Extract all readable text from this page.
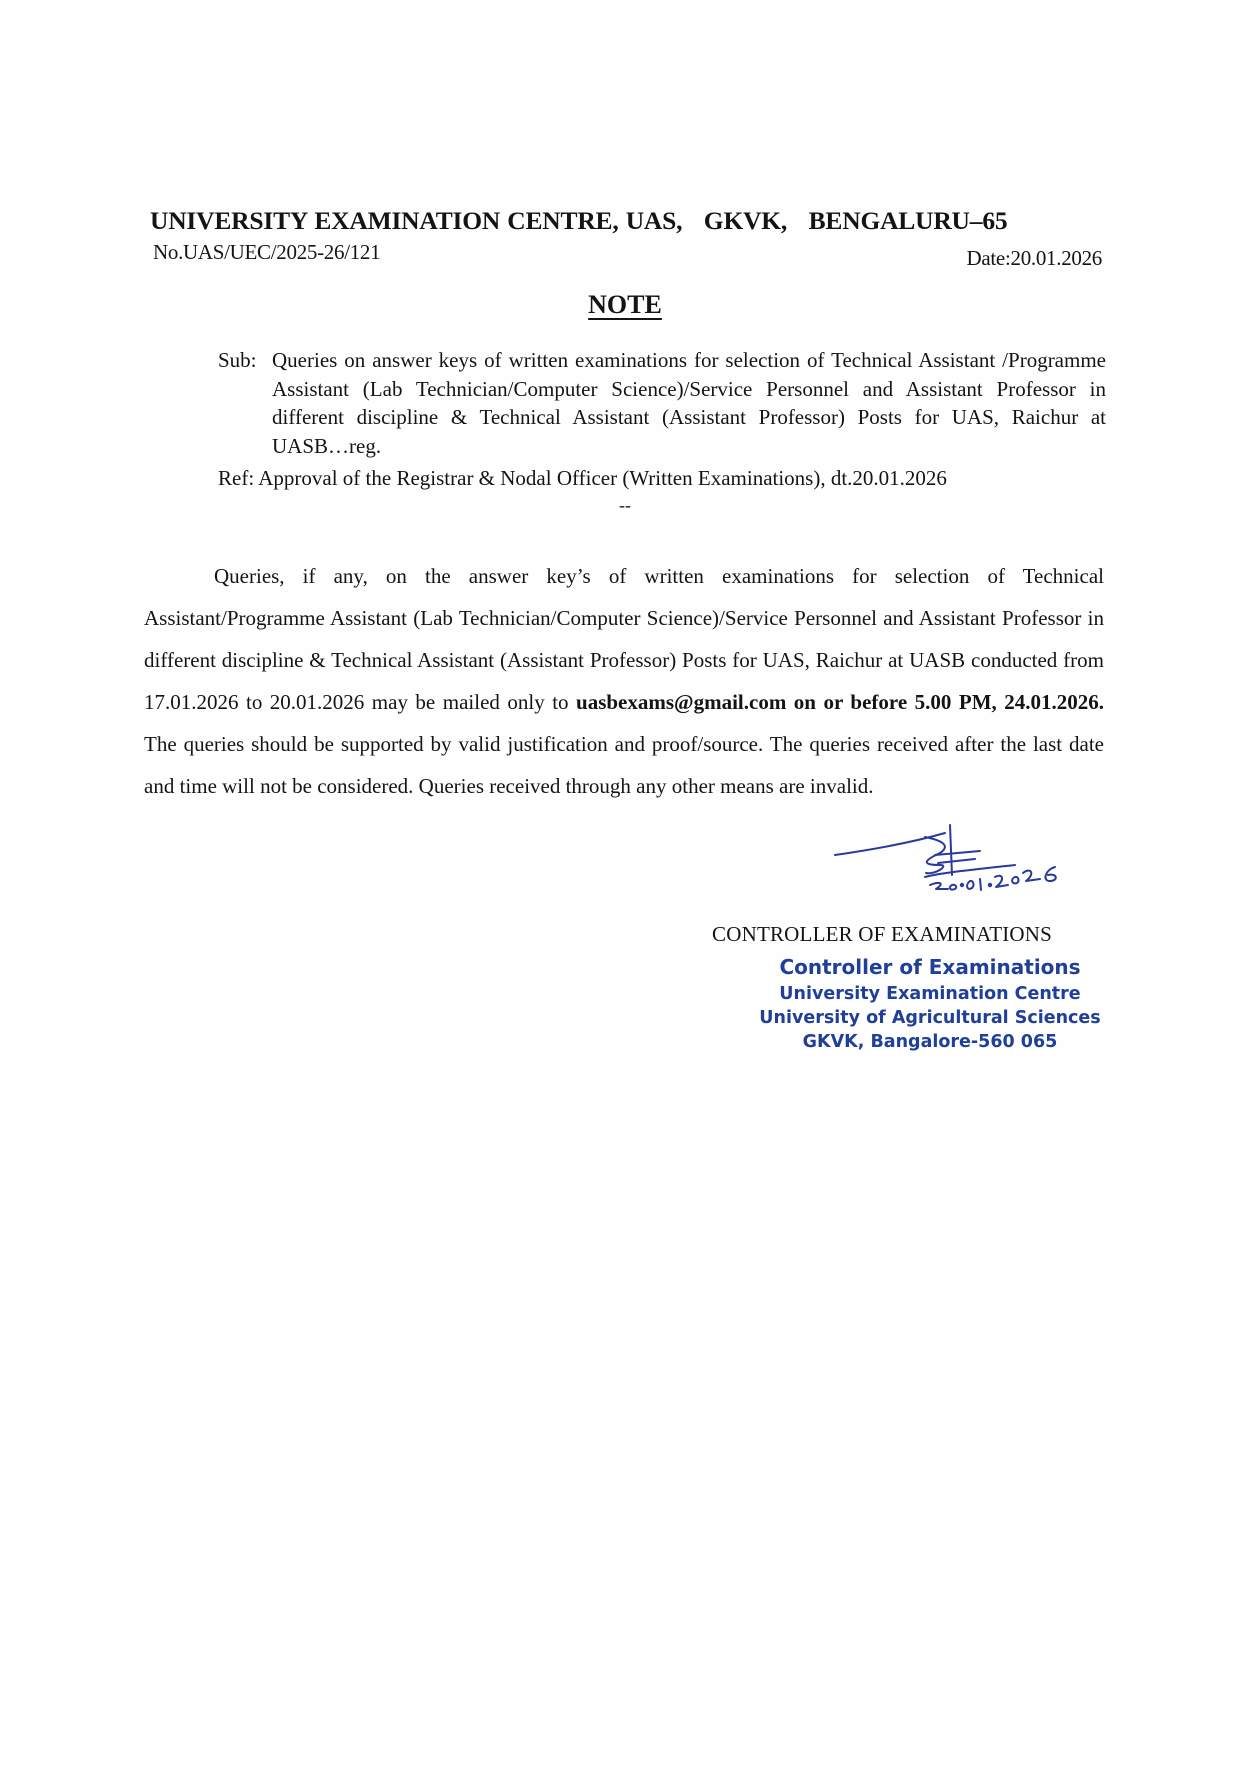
UNIVERSITY EXAMINATION CENTRE, UAS,   GKVK,   BENGALURU–65
No.UAS/UEC/2025-26/121	Date:20.01.2026
NOTE
Sub: Queries on answer keys of written examinations for selection of Technical Assistant /Programme Assistant (Lab Technician/Computer Science)/Service Personnel and Assistant Professor in different discipline & Technical Assistant (Assistant Professor) Posts for UAS, Raichur at UASB…reg.
Ref: Approval of the Registrar & Nodal Officer (Written Examinations), dt.20.01.2026
--
Queries, if any, on the answer key’s of written examinations for selection of Technical Assistant/Programme Assistant (Lab Technician/Computer Science)/Service Personnel and Assistant Professor in different discipline & Technical Assistant (Assistant Professor) Posts for UAS, Raichur at UASB conducted from 17.01.2026 to 20.01.2026 may be mailed only to uasbexams@gmail.com on or before 5.00 PM, 24.01.2026. The queries should be supported by valid justification and proof/source. The queries received after the last date and time will not be considered. Queries received through any other means are invalid.
CONTROLLER OF EXAMINATIONS
Controller of Examinations
University Examination Centre
University of Agricultural Sciences
GKVK, Bangalore-560 065
